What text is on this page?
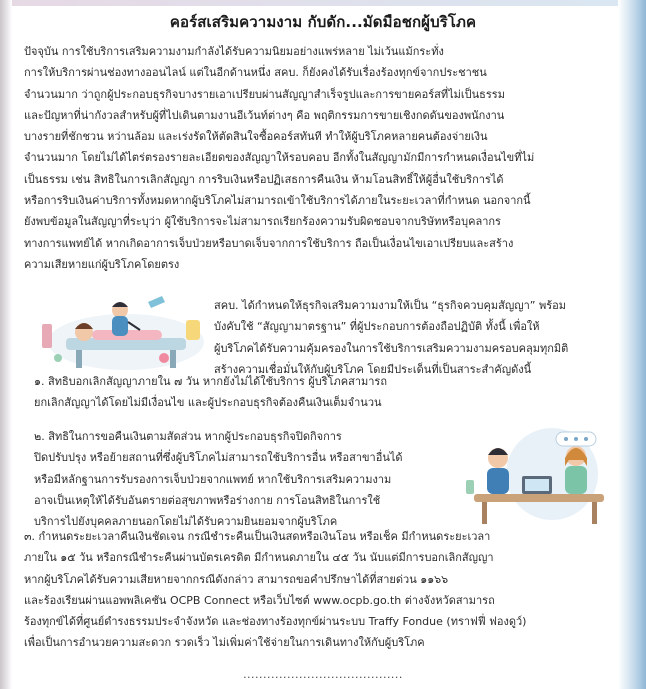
คอร์สเสริมความงาม กับดัก...มัดมือชกผู้บริโภค
ปัจจุบัน การใช้บริการเสริมความงามกำลังได้รับความนิยมอย่างแพร่หลาย ไม่เว้นแม้กระทั่ง
การให้บริการผ่านช่องทางออนไลน์ แต่ในอีกด้านหนึ่ง สคบ. ก็ยังคงได้รับเรื่องร้องทุกข์จากประชาชน
จำนวนมาก ว่าถูกผู้ประกอบธุรกิจบางรายเอาเปรียบผ่านสัญญาสำเร็จรูปและการขายคอร์สที่ไม่เป็นธรรม
และปัญหาที่น่ากังวลสำหรับผู้ที่ไปเดินตามงานอีเว้นท์ต่างๆ คือ พฤติกรรมการขายเชิงกดดันของพนักงาน
บางรายที่ชักชวน หว่านล้อม และเร่งรัดให้ตัดสินใจซื้อคอร์สทันที ทำให้ผู้บริโภคหลายคนต้องจ่ายเงิน
จำนวนมาก โดยไม่ได้ไตร่ตรองรายละเอียดของสัญญาให้รอบคอบ อีกทั้งในสัญญามักมีการกำหนดเงื่อนไขที่ไม่
เป็นธรรม เช่น สิทธิในการเลิกสัญญา การริบเงินหรือปฏิเสธการคืนเงิน ห้ามโอนสิทธิ์ให้ผู้อื่นใช้บริการได้
หรือการริบเงินค่าบริการทั้งหมดหากผู้บริโภคไม่สามารถเข้าใช้บริการได้ภายในระยะเวลาที่กำหนด นอกจากนี้
ยังพบข้อมูลในสัญญาที่ระบุว่า ผู้ใช้บริการจะไม่สามารถเรียกร้องความรับผิดชอบจากบริษัทหรือบุคลากร
ทางการแพทย์ได้ หากเกิดอาการเจ็บป่วยหรือบาดเจ็บจากการใช้บริการ ถือเป็นเงื่อนไขเอาเปรียบและสร้าง
ความเสียหายแก่ผู้บริโภคโดยตรง
สคบ. ได้กำหนดให้ธุรกิจเสริมความงามให้เป็น “ธุรกิจควบคุมสัญญา” พร้อม
บังคับใช้ “สัญญามาตรฐาน” ที่ผู้ประกอบการต้องถือปฏิบัติ ทั้งนี้ เพื่อให้
ผู้บริโภคได้รับความคุ้มครองในการใช้บริการเสริมความงามครอบคลุมทุกมิติ
สร้างความเชื่อมั่นให้กับผู้บริโภค โดยมีประเด็นที่เป็นสาระสำคัญดังนี้
๑. สิทธิบอกเลิกสัญญาภายใน ๗ วัน หากยังไม่ได้ใช้บริการ ผู้บริโภคสามารถ
ยกเลิกสัญญาได้โดยไม่มีเงื่อนไข และผู้ประกอบธุรกิจต้องคืนเงินเต็มจำนวน
๒. สิทธิในการขอคืนเงินตามสัดส่วน หากผู้ประกอบธุรกิจปิดกิจการ
ปิดปรับปรุง หรือย้ายสถานที่ซึ่งผู้บริโภคไม่สามารถใช้บริการอื่น หรือสาขาอื่นได้
หรือมีหลักฐานการรับรองการเจ็บป่วยจากแพทย์ หากใช้บริการเสริมความงาม
อาจเป็นเหตุให้ได้รับอันตรายต่อสุขภาพหรือร่างกาย การโอนสิทธิในการใช้
บริการไปยังบุคคลภายนอกโดยไม่ได้รับความยินยอมจากผู้บริโภค
๓. กำหนดระยะเวลาคืนเงินชัดเจน กรณีชำระคืนเป็นเงินสดหรือเงินโอน หรือเช็ค มีกำหนดระยะเวลา
ภายใน ๑๕ วัน หรือกรณีชำระคืนผ่านบัตรเครดิต มีกำหนดภายใน ๔๕ วัน นับแต่มีการบอกเลิกสัญญา
หากผู้บริโภคได้รับความเสียหายจากกรณีดังกล่าว สามารถขอคำปรึกษาได้ที่สายด่วน ๑๑๖๖
และร้องเรียนผ่านแอพพลิเคชัน OCPB Connect หรือเว็บไซต์ www.ocpb.go.th ต่างจังหวัดสามารถ
ร้องทุกข์ได้ที่ศูนย์ดำรงธรรมประจำจังหวัด และช่องทางร้องทุกข์ผ่านระบบ Traffy Fondue (ทราฟฟี่ ฟองดูว์)
เพื่อเป็นการอำนวยความสะดวก รวดเร็ว ไม่เพิ่มค่าใช้จ่ายในการเดินทางให้กับผู้บริโภค
........................................
